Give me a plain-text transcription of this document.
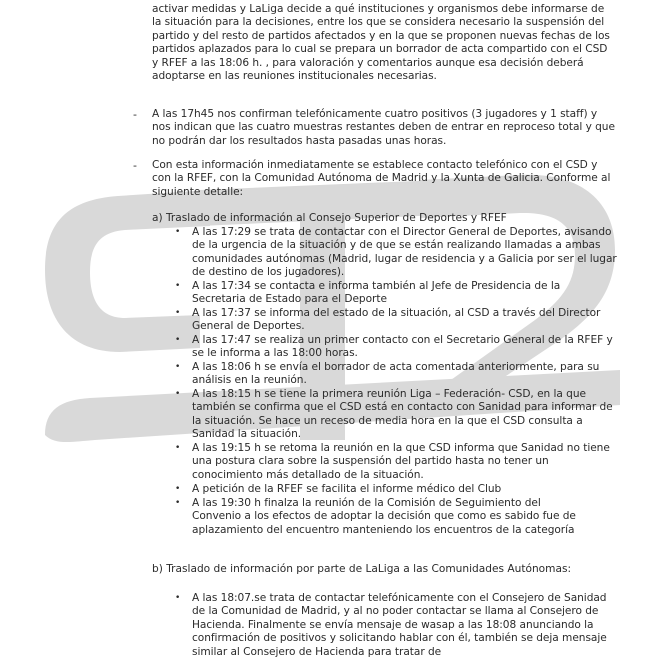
activar medidas y LaLiga decide a qué instituciones y organismos debe informarse de la situación para la decisiones, entre los que se considera necesario la suspensión del partido y del resto de partidos afectados y en la que se proponen nuevas fechas de los partidos aplazados para lo cual se prepara un borrador de acta compartido con el CSD y RFEF a las 18:06 h. , para valoración y comentarios aunque esa decisión deberá adoptarse en las reuniones institucionales necesarias.
- A las 17h45 nos confirman telefónicamente cuatro positivos (3 jugadores y 1 staff) y nos indican que las cuatro muestras restantes deben de entrar en reproceso total y que no podrán dar los resultados hasta pasadas unas horas.
- Con esta información inmediatamente se establece contacto telefónico con el CSD y con la RFEF, con la Comunidad Autónoma de Madrid y la Xunta de Galicia. Conforme al siguiente detalle:
a) Traslado de información al Consejo Superior de Deportes y RFEF
• A las 17:29 se trata de contactar con el Director General de Deportes, avisando de la urgencia de la situación y de que se están realizando llamadas a ambas comunidades autónomas (Madrid, lugar de residencia y a Galicia por ser el lugar de destino de los jugadores).
• A las 17:34 se contacta e informa también al Jefe de Presidencia de la Secretaria de Estado para el Deporte
• A las 17:37 se informa del estado de la situación, al CSD a través del Director General de Deportes.
• A las 17:47 se realiza un primer contacto con el Secretario General de la RFEF y se le informa a las 18:00 horas.
• A las 18:06 h se envía el borrador de acta comentada anteriormente, para su análisis en la reunión.
• A las 18:15 h se tiene la primera reunión Liga – Federación- CSD, en la que también se confirma que el CSD está en contacto con Sanidad para informar de la situación. Se hace un receso de media hora en la que el CSD consulta a Sanidad la situación.
• A las 19:15 h se retoma la reunión en la que CSD informa que Sanidad no tiene una postura clara sobre la suspensión del partido hasta no tener un conocimiento más detallado de la situación.
• A petición de la RFEF se facilita el informe médico del Club
• A las 19:30 h finalza la reunión de la Comisión de Seguimiento del Convenio a los efectos de adoptar la decisión que como es sabido fue de aplazamiento del encuentro manteniendo los encuentros de la categoría
b) Traslado de información por parte de LaLiga a las Comunidades Autónomas:
• A las 18:07.se trata de contactar telefónicamente con el Consejero de Sanidad de la Comunidad de Madrid, y al no poder contactar se llama al Consejero de Hacienda. Finalmente se envía mensaje de wasap a las 18:08 anunciando la confirmación de positivos y solicitando hablar con él, también se deja mensaje similar al Consejero de Hacienda para tratar de
